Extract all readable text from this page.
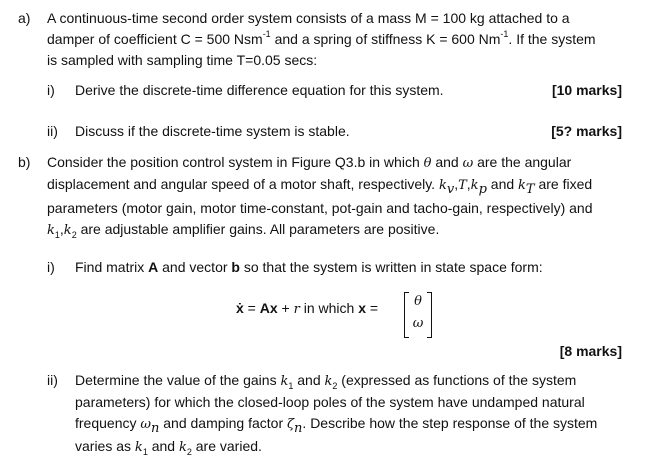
a) A continuous-time second order system consists of a mass M = 100 kg attached to a
damper of coefficient C = 500 Nsm$^{-1}$ and a spring of stiffness K = 600 $Nm^{-1}$. If the system
is sampled with sampling time T=0.05 secs:
i) Derive the discrete-time difference equation for this system.	[10 marks]
ii) Discuss if the discrete-time system is stable.	[5? marks]
b) Consider the position control system in Figure Q3.b in which θ and ω are the angular
displacement and angular speed of a motor shaft, respectively. $k_v,T,k_p$ and $k_T$ are fixed
parameters (motor gain, motor time-constant, pot-gain and tacho-gain, respectively) and
$k_1,k_2$ are adjustable amplifier gains. All parameters are positive.
i) Find matrix A and vector b so that the system is written in state space form:
ẋ = Ax + r in which x =	θ
ω
[8 marks]
ii) Determine the value of the gains $k_1$ and $k_2$ (expressed as functions of the system
parameters) for which the closed-loop poles of the system have undamped natural
frequency $\omega_n$ and damping factor $\zeta_n$. Describe how the step response of the system
varies as $k_1$ and $k_2$ are varied.
